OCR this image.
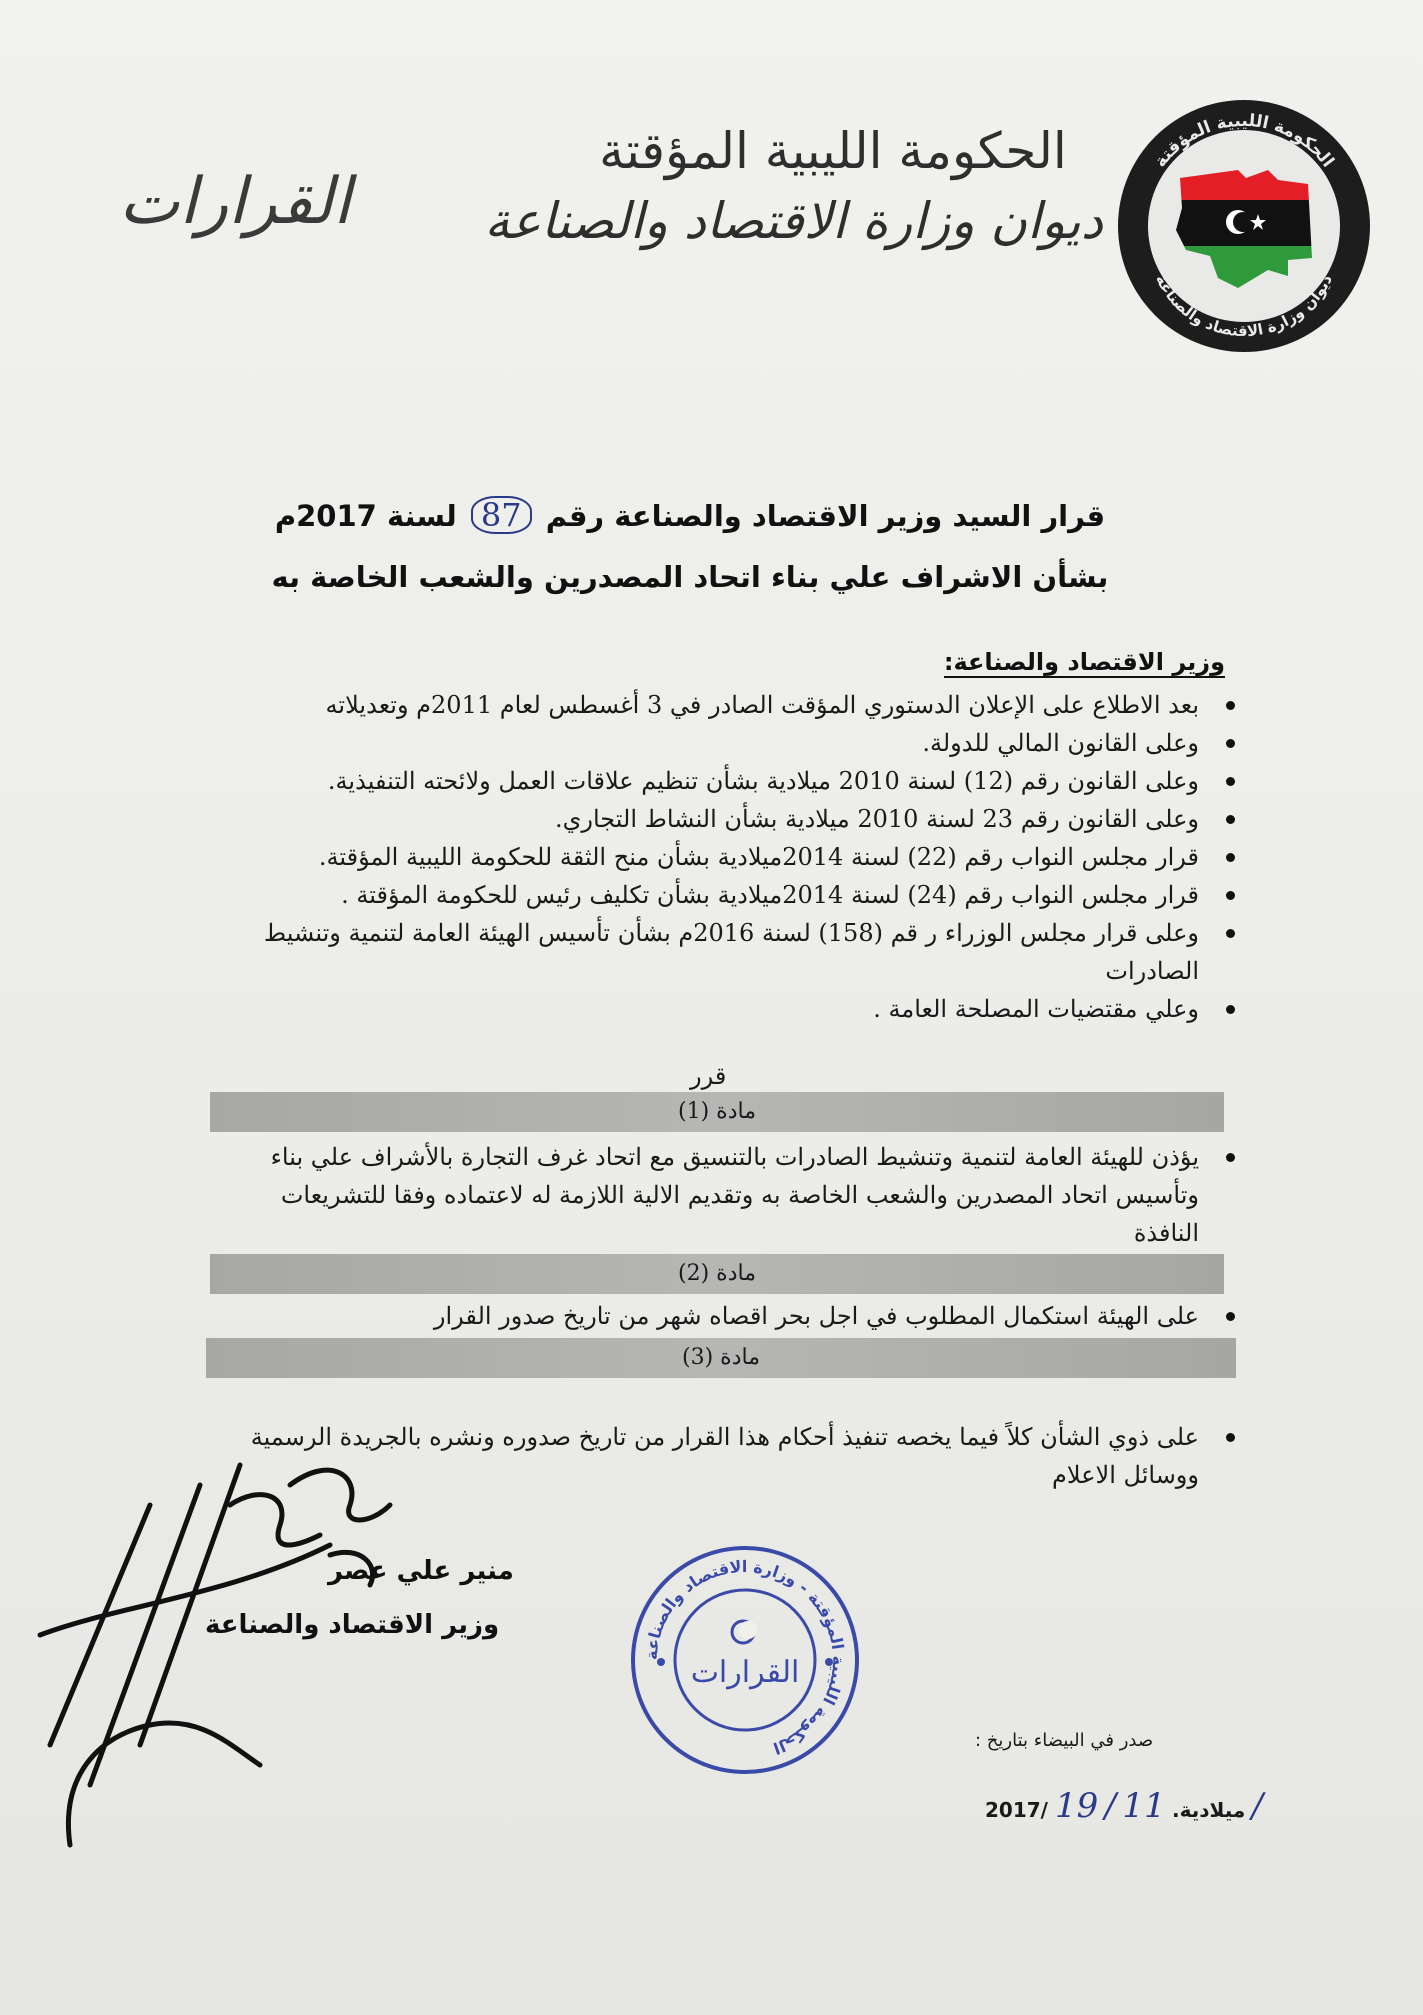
الحكومة الليبية المؤقتة
ديوان وزارة الاقتصاد والصناعة
الحكومة الليبية المؤقتة
ديوان وزارة الاقتصاد والصناعة
القرارات
قرار السيد وزير الاقتصاد والصناعة رقم 87 لسنة 2017م
بشأن الاشراف علي بناء اتحاد المصدرين والشعب الخاصة به
وزير الاقتصاد والصناعة:
بعد الاطلاع على الإعلان الدستوري المؤقت الصادر في 3 أغسطس لعام 2011م وتعديلاته
وعلى القانون المالي للدولة.
وعلى القانون رقم (12) لسنة 2010 ميلادية بشأن تنظيم علاقات العمل ولائحته التنفيذية.
وعلى القانون رقم 23 لسنة 2010 ميلادية بشأن النشاط التجاري.
قرار مجلس النواب رقم (22) لسنة 2014ميلادية بشأن منح الثقة للحكومة الليبية المؤقتة.
قرار مجلس النواب رقم (24) لسنة 2014ميلادية بشأن تكليف رئيس للحكومة المؤقتة .
وعلى قرار مجلس الوزراء ر قم (158) لسنة 2016م بشأن تأسيس الهيئة العامة لتنمية وتنشيط الصادرات
وعلي مقتضيات المصلحة العامة .
قرر
مادة (1)
يؤذن للهيئة العامة لتنمية وتنشيط الصادرات بالتنسيق مع اتحاد غرف التجارة بالأشراف علي بناء وتأسيس اتحاد المصدرين والشعب الخاصة به وتقديم الالية اللازمة له لاعتماده وفقا للتشريعات النافذة
مادة (2)
على الهيئة استكمال المطلوب في اجل بحر اقصاه شهر من تاريخ صدور القرار
مادة (3)
على ذوي الشأن كلاً فيما يخصه تنفيذ أحكام هذا القرار من تاريخ صدوره ونشره بالجريدة الرسمية ووسائل الاعلام
منير علي عصر
وزير الاقتصاد والصناعة
الحكومة الليبية المؤقتة - وزارة الاقتصاد والصناعة
القرارات
صدر في البيضاء بتاريخ :
2017/ ميلادية. 11 / 19	/
